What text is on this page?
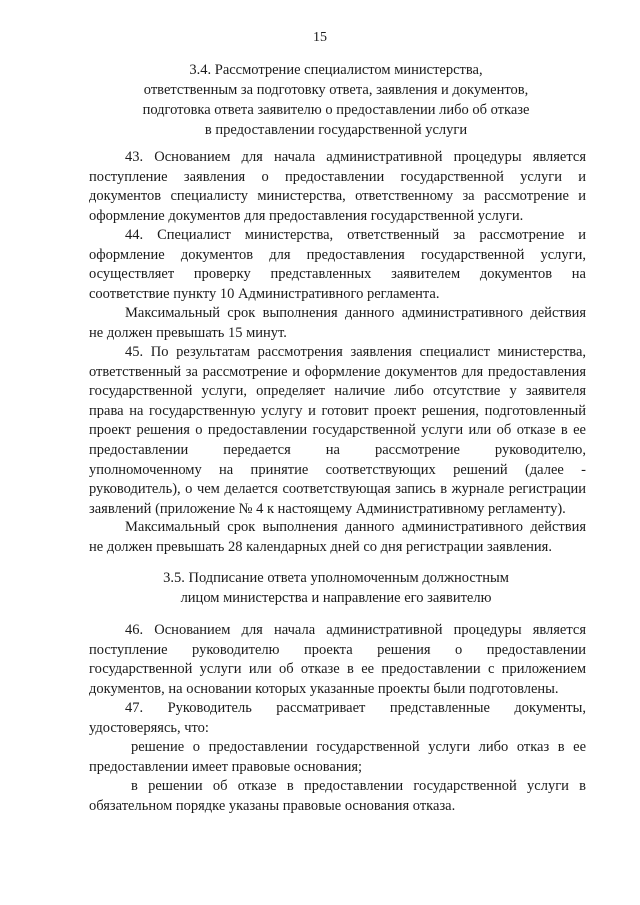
15
3.4. Рассмотрение специалистом министерства,
ответственным за подготовку ответа, заявления и документов,
подготовка ответа заявителю о предоставлении либо об отказе
в предоставлении государственной услуги
43. Основанием для начала административной процедуры является
поступление заявления о предоставлении государственной услуги и
документов специалисту министерства, ответственному за рассмотрение и
оформление документов для предоставления государственной услуги.
44. Специалист министерства, ответственный за рассмотрение и
оформление документов для предоставления государственной услуги,
осуществляет проверку представленных заявителем документов на
соответствие пункту 10 Административного регламента.
Максимальный срок выполнения данного административного действия
не должен превышать 15 минут.
45. По результатам рассмотрения заявления специалист министерства,
ответственный за рассмотрение и оформление документов для предоставления
государственной услуги, определяет наличие либо отсутствие у заявителя
права на государственную услугу и готовит проект решения, подготовленный
проект решения о предоставлении государственной услуги или об отказе в ее
предоставлении передается на рассмотрение руководителю,
уполномоченному на принятие соответствующих решений (далее -
руководитель), о чем делается соответствующая запись в журнале регистрации
заявлений (приложение № 4 к настоящему Административному регламенту).
Максимальный срок выполнения данного административного действия
не должен превышать 28 календарных дней со дня регистрации заявления.
3.5. Подписание ответа уполномоченным должностным
лицом министерства и направление его заявителю
46. Основанием для начала административной процедуры является
поступление руководителю проекта решения о предоставлении
государственной услуги или об отказе в ее предоставлении с приложением
документов, на основании которых указанные проекты были подготовлены.
47. Руководитель рассматривает представленные документы,
удостоверяясь, что:
решение о предоставлении государственной услуги либо отказ в ее
предоставлении имеет правовые основания;
в решении об отказе в предоставлении государственной услуги в
обязательном порядке указаны правовые основания отказа.
